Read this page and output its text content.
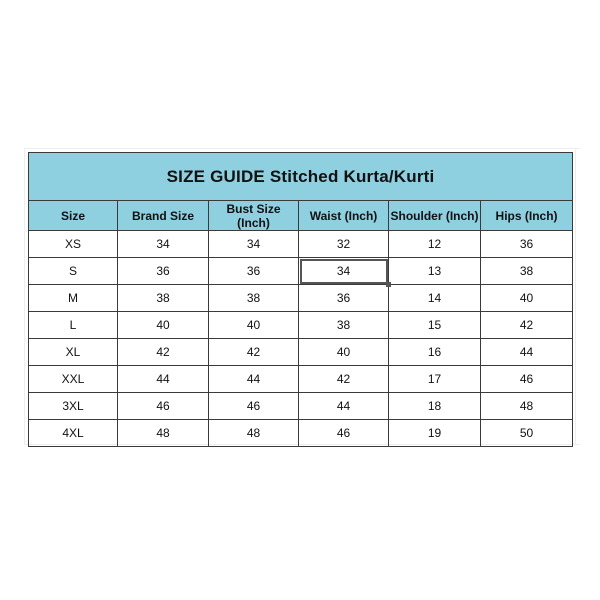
SIZE GUIDE Stitched Kurta/Kurti					
Size	Brand Size	Bust Size (Inch)	Waist (Inch)	Shoulder (Inch)	Hips (Inch)
XS	34	34	32	12	36
S	36	36	34	13	38
M	38	38	36	14	40
L	40	40	38	15	42
XL	42	42	40	16	44
XXL	44	44	42	17	46
3XL	46	46	44	18	48
4XL	48	48	46	19	50
